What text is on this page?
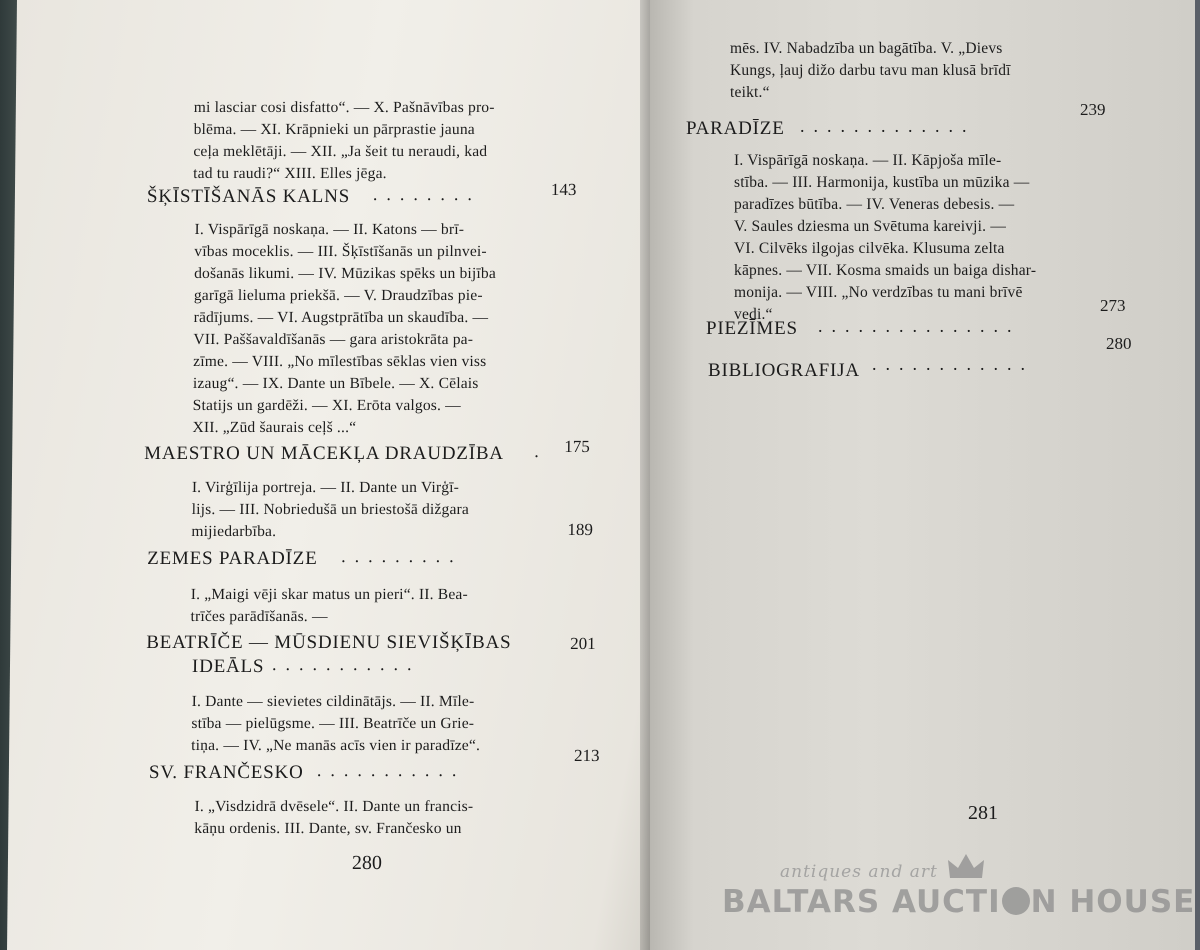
mi lasciar cosi disfatto“. — X. Pašnāvības pro-
blēma. — XI. Krāpnieki un pārprastie jauna
ceļa meklētāji. — XII. „Ja šeit tu neraudi, kad
tad tu raudi?“ XIII. Elles jēga.
ŠĶĪSTĪŠANĀS KALNS ........	143
I. Vispārīgā noskaņa. — II. Katons — brī-
vības moceklis. — III. Šķīstīšanās un pilnvei-
došanās likumi. — IV. Mūzikas spēks un bijība
garīgā lieluma priekšā. — V. Draudzības pie-
rādījums. — VI. Augstprātība un skaudība. —
VII. Paššavaldīšanās — gara aristokrāta pa-
zīme. — VIII. „No mīlestības sēklas vien viss
izaug“. — IX. Dante un Bībele. — X. Cēlais
Statijs un gardēži. — XI. Erōta valgos. —
XII. „Zūd šaurais ceļš ...“
MAESTRO UN MĀCEKĻA DRAUDZĪBA . 175
I. Virģīlija portreja. — II. Dante un Virģī-
lijs. — III. Nobriedušā un briestošā dižgara
mijiedarbība.
ZEMES PARADĪZE .........
189
I. „Maigi vēji skar matus un pieri“. II. Bea-
trīčes parādīšanās. —
BEATRĪČE — MŪSDIENU SIEVIŠĶĪBAS
IDEĀLS ...........
201
I. Dante — sievietes cildinātājs. — II. Mīle-
stība — pielūgsme. — III. Beatrīče un Grie-
tiņa. — IV. „Ne manās acīs vien ir paradīze“.
SV. FRANČESKO ...........
213
I. „Visdzidrā dvēsele“. II. Dante un francis-
kāņu ordenis. III. Dante, sv. Frančesko un
280
mēs. IV. Nabadzība un bagātība. V. „Dievs
Kungs, ļauj dižo darbu tavu man klusā brīdī
teikt.“
PARADĪZE .............
239
I. Vispārīgā noskaņa. — II. Kāpjoša mīle-
stība. — III. Harmonija, kustība un mūzika —
paradīzes būtība. — IV. Veneras debesis. —
V. Saules dziesma un Svētuma kareivji. —
VI. Cilvēks ilgojas cilvēka. Klusuma zelta
kāpnes. — VII. Kosma smaids un baiga dishar-
monija. — VIII. „No verdzības tu mani brīvē
vedi.“
PIEZĪMES ...............
273
BIBLIOGRAFIJA ............
280
281
antiques and art
BALTARS AUCTI N HOUSE
